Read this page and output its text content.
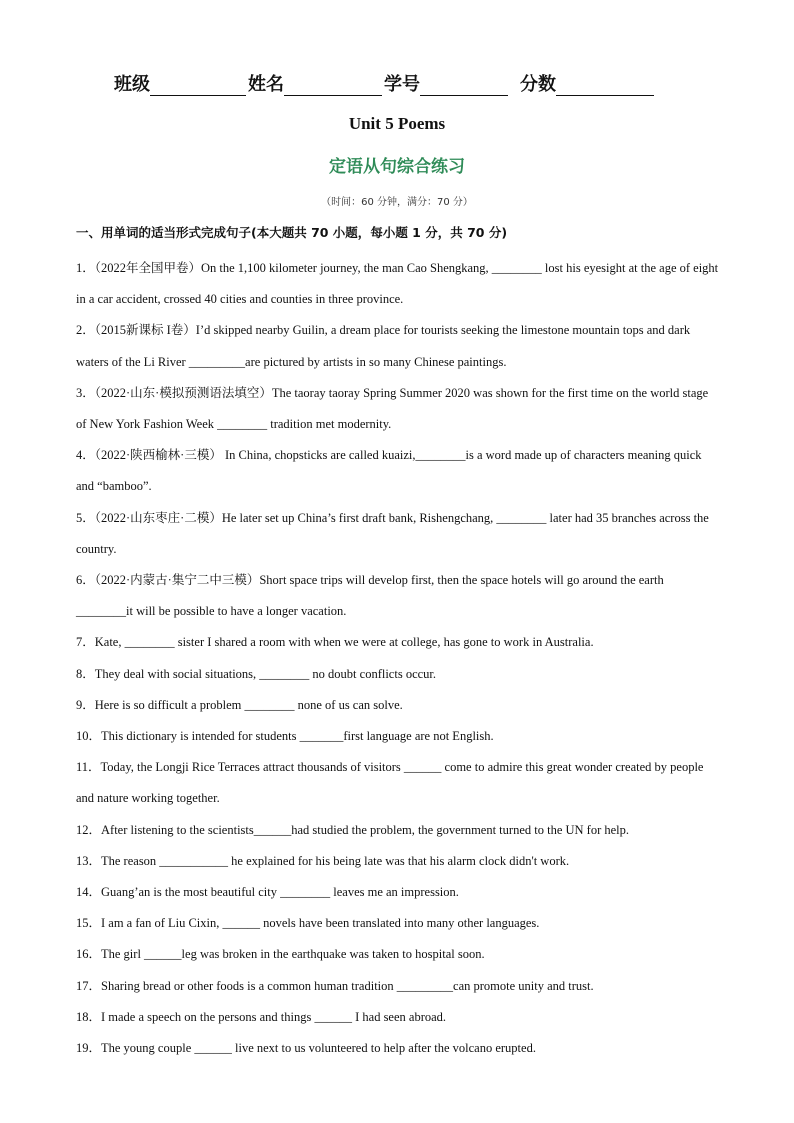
班级	姓名	学号	分数
Unit 5 Poems
定语从句综合练习
（时间：60 分钟，满分：70 分）
一、用单词的适当形式完成句子(本大题共 70 小题，每小题 1 分，共 70 分)

1．（2022年全国甲卷）On the 1,100 kilometer journey, the man Cao Shengkang, ________ lost his eyesight at the age of eight in a car accident, crossed 40 cities and counties in three province.

2．（2015新课标 I卷）I’d skipped nearby Guilin, a dream place for tourists seeking the limestone mountain tops and dark waters of the Li River _________are pictured by artists in so many Chinese paintings.

3．（2022·山东·模拟预测语法填空）The taoray taoray Spring Summer 2020 was shown for the first time on the world stage of New York Fashion Week ________ tradition met modernity.

4．（2022·陕西榆林·三模） In China, chopsticks are called kuaizi,________is a word made up of characters meaning quick and “bamboo”.

5．（2022·山东枣庄·二模）He later set up China’s first draft bank, Rishengchang, ________ later had 35 branches across the country.

6．（2022·内蒙古·集宁二中三模）Short space trips will develop first, then the space hotels will go around the earth ________it will be possible to have a longer vacation.

7．Kate, ________ sister I shared a room with when we were at college, has gone to work in Australia.

8．They deal with social situations, ________ no doubt conflicts occur.

9．Here is so difficult a problem ________ none of us can solve.

10．This dictionary is intended for students _______first language are not English.

11．Today, the Longji Rice Terraces attract thousands of visitors ______ come to admire this great wonder created by people and nature working together.

12．After listening to the scientists______had studied the problem, the government turned to the UN for help.

13．The reason ___________ he explained for his being late was that his alarm clock didn't work.

14．Guang’an is the most beautiful city ________ leaves me an impression.

15．I am a fan of Liu Cixin, ______ novels have been translated into many other languages.

16．The girl ______leg was broken in the earthquake was taken to hospital soon.

17．Sharing bread or other foods is a common human tradition _________can promote unity and trust.

18．I made a speech on the persons and things ______ I had seen abroad.

19．The young couple ______ live next to us volunteered to help after the volcano erupted.
